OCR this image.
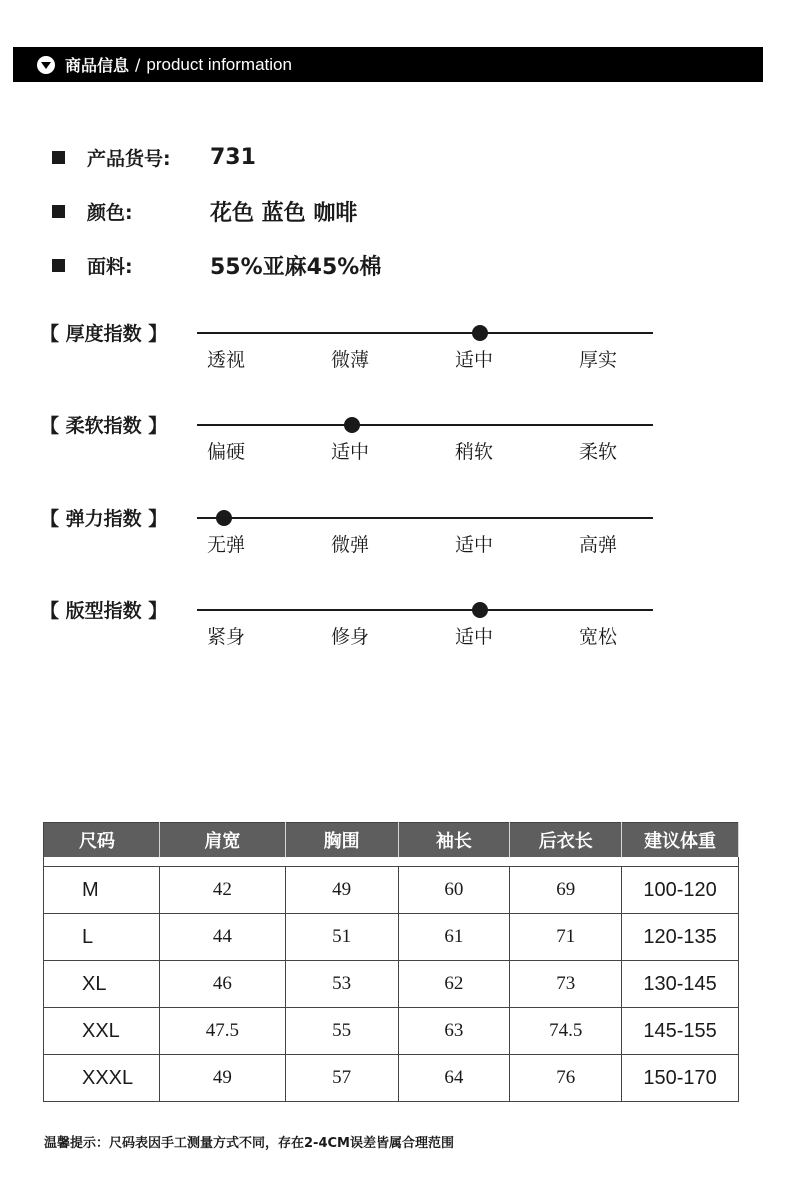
商品信息 / product information
产品货号:	731
颜色:	花色 蓝色 咖啡
面料:	55%亚麻45%棉
【 厚度指数 】
透视	微薄	适中	厚实
【 柔软指数 】
偏硬	适中	稍软	柔软
【 弹力指数 】
无弹	微弹	适中	高弹
【 版型指数 】
紧身	修身	适中	宽松
尺码	肩宽	胸围	袖长	后衣长	建议体重

M	42	49	60	69	100-120
L	44	51	61	71	120-135
XL	46	53	62	73	130-145
XXL	47.5	55	63	74.5	145-155
XXXL	49	57	64	76	150-170
温馨提示：尺码表因手工测量方式不同，存在2-4CM误差皆属合理范围
